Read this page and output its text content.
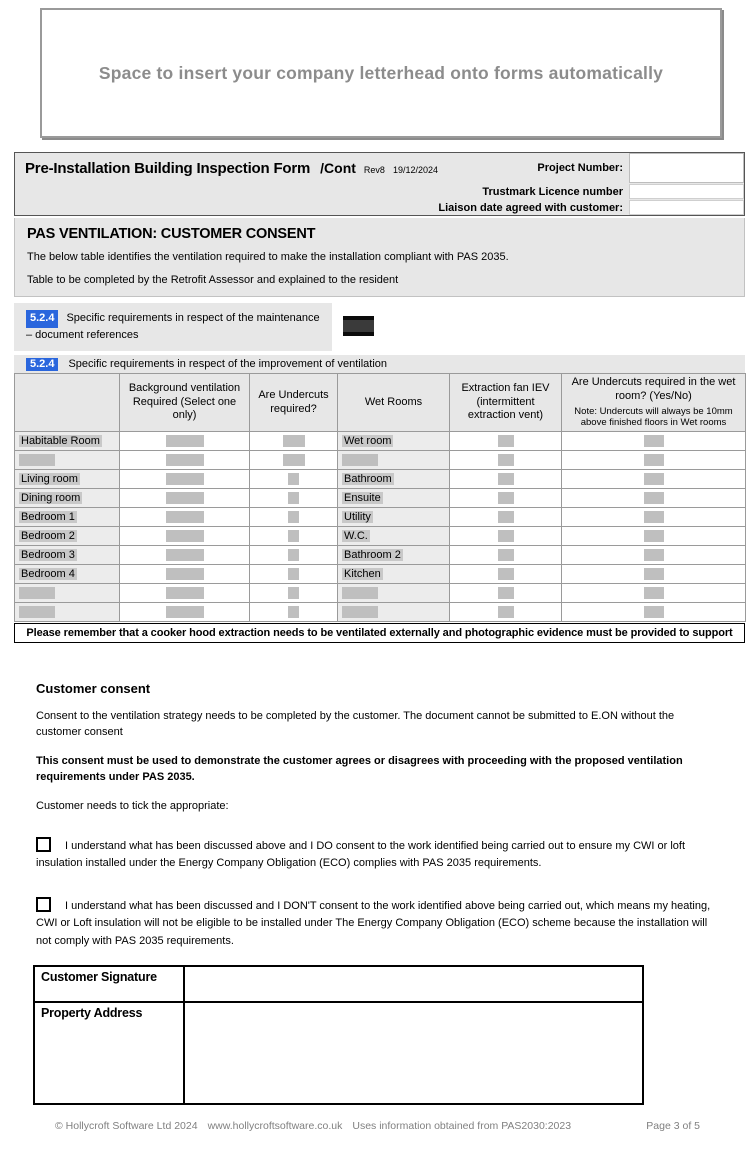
Space to insert your company letterhead onto forms automatically
Pre-Installation Building Inspection Form /Cont Rev8 19/12/2024	Project Number:
Trustmark Licence number
Liaison date agreed with customer:
PAS VENTILATION: CUSTOMER CONSENT
The below table identifies the ventilation required to make the installation compliant with PAS 2035.
Table to be completed by the Retrofit Assessor and explained to the resident
5.2.4 Specific requirements in respect of the maintenance – document references
5.2.4	Specific requirements in respect of the improvement of ventilation
	Background ventilation Required (Select one only)	Are Undercuts required?	Wet Rooms	Extraction fan IEV (intermittent extraction vent)	Are Undercuts required in the wet room? (Yes/No)
Note: Undercuts will always be 10mm above finished floors in Wet rooms

Habitable Room			Wet room		

Living room			Bathroom		
Dining room			Ensuite		
Bedroom 1			Utility		
Bedroom 2			W.C.		
Bedroom 3			Bathroom 2		
Bedroom 4			Kitchen		

Please remember that a cooker hood extraction needs to be ventilated externally and photographic evidence must be provided to support
Customer consent

Consent to the ventilation strategy needs to be completed by the customer. The document cannot be submitted to E.ON without the customer consent

This consent must be used to demonstrate the customer agrees or disagrees with proceeding with the proposed ventilation requirements under PAS 2035.

Customer needs to tick the appropriate:

I understand what has been discussed above and I DO consent to the work identified being carried out to ensure my CWI or loft insulation installed under the Energy Company Obligation (ECO) complies with PAS 2035 requirements.
I understand what has been discussed and I DON'T consent to the work identified above being carried out, which means my heating, CWI or Loft insulation will not be eligible to be installed under The Energy Company Obligation (ECO) scheme because the installation will not comply with PAS 2035 requirements.
Customer Signature	
Property Address	
© Hollycroft Software Ltd 2024 www.hollycroftsoftware.co.uk Uses information obtained from PAS2030:2023	Page 3 of 5
